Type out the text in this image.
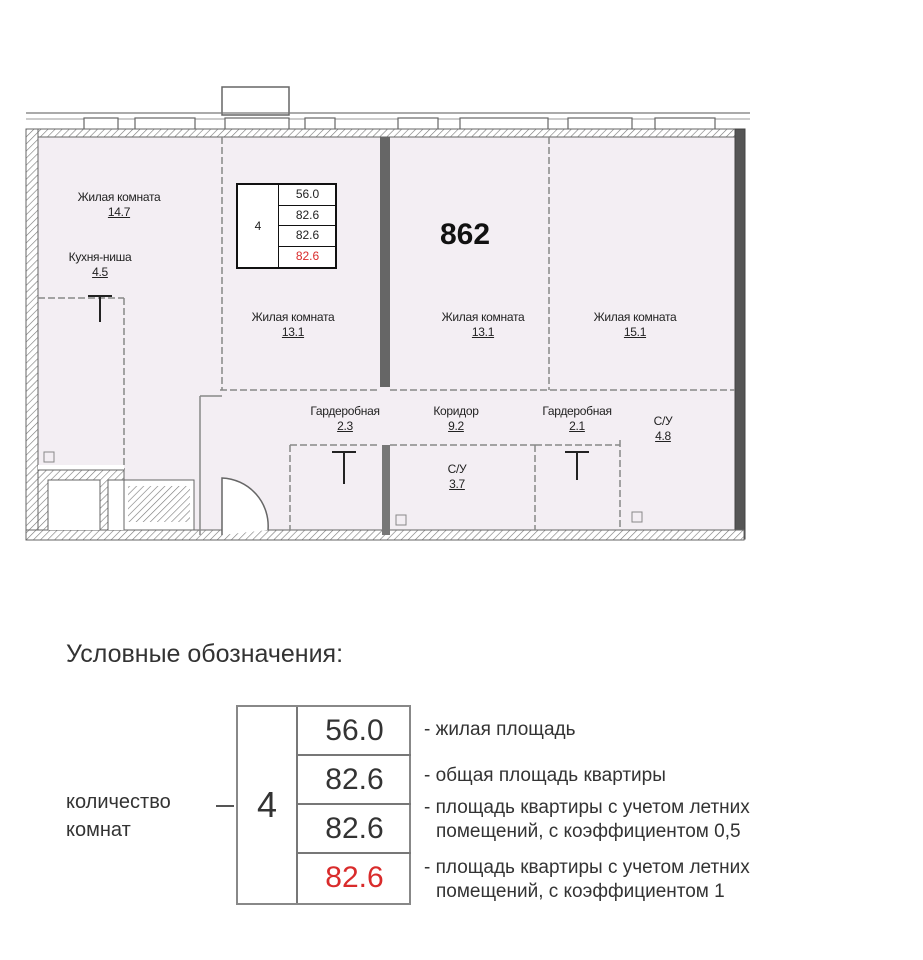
Жилая комната
14.7
Кухня-ниша
4.5
Жилая комната
13.1
Жилая комната
13.1
Жилая комната
15.1
Гардеробная
2.3
Коридор
9.2
Гардеробная
2.1	С/У
4.8
С/У
3.7
862
4
56.0
82.6
82.6
82.6
Условные обозначения:
количество
комнат
4
56.0
82.6
82.6
82.6
- жилая площадь
- общая площадь квартиры
- площадь квартиры с учетом летних
помещений, с коэффициентом 0,5
- площадь квартиры с учетом летних
помещений, с коэффициентом 1
